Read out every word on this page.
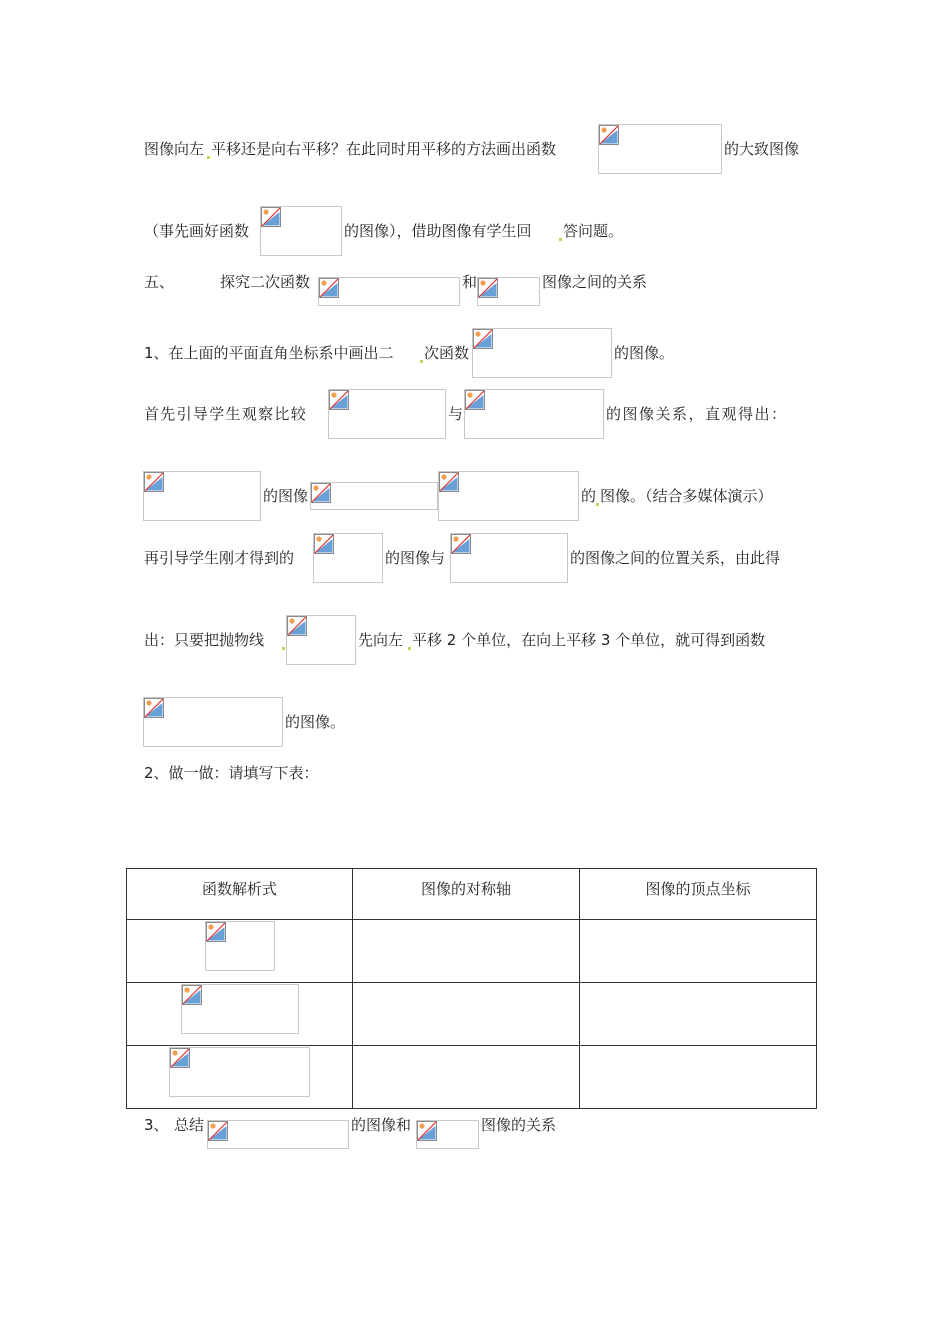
图像向左 平移还是向右平移？在此同时用平移的方法画出函数	的大致图像
（事先画好函数	的图像），借助图像有学生回 答问题。
五、	探究二次函数	和	图像之间的关系
1、在上面的平面直角坐标系中画出二 次函数	的图像。
首先引导学生观察比较	与	的图像关系，直观得出：
的图像	的 图像。（结合多媒体演示）
再引导学生刚才得到的	的图像与	的图像之间的位置关系，由此得
出：只要把抛物线	先向左 平移 2 个单位，在向上平移 3 个单位，就可得到函数
的图像。
2、做一做：请填写下表：
函数解析式	图像的对称轴	图像的顶点坐标

3、 总结	的图像和	图像的关系
